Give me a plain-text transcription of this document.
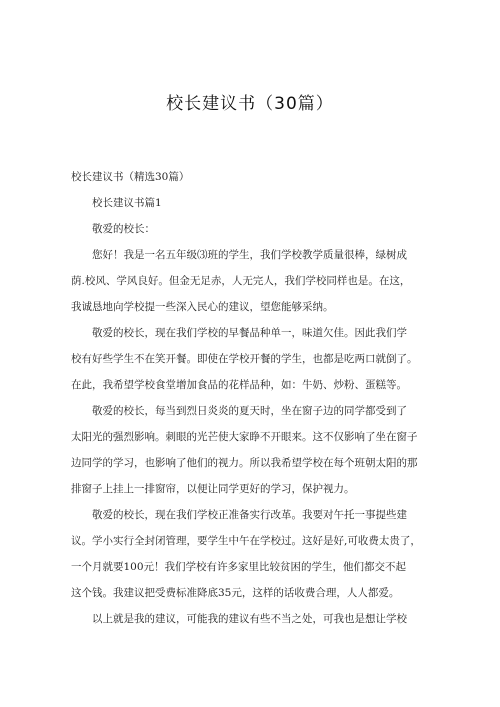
校长建议书（30篇）
校长建议书（精选30篇）
校长建议书篇1
敬爱的校长：
您好！我是一名五年级⑶班的学生，我们学校教学质量很棒，绿树成
荫.校风、学风良好。但金无足赤，人无完人，我们学校同样也是。在这，
我诚恳地向学校提一些深入民心的建议，望您能够采纳。
敬爱的校长，现在我们学校的早餐品种单一，味道欠佳。因此我们学
校有好些学生不在笑开餐。即使在学校开餐的学生，也都是吃两口就倒了。
在此，我希望学校食堂增加食品的花样品种，如：牛奶、炒粉、蛋糕等。
敬爱的校长，每当到烈日炎炎的夏天时，坐在窗子边的同学都受到了
太阳光的强烈影响。刺眼的光芒使大家睁不开眼来。这不仅影响了坐在窗子
边同学的学习，也影响了他们的视力。所以我希望学校在每个班朝太阳的那
排窗子上挂上一排窗帘，以便让同学更好的学习，保护视力。
敬爱的校长，现在我们学校正准备实行改革。我要对午托一事提些建
议。学小实行全封闭管理，要学生中午在学校过。这好是好,可收费太贵了，
一个月就要100元！我们学校有许多家里比较贫困的学生，他们都交不起
这个钱。我建议把受费标准降底35元，这样的话收费合理，人人都爱。
以上就是我的建议，可能我的建议有些不当之处，可我也是想让学校
